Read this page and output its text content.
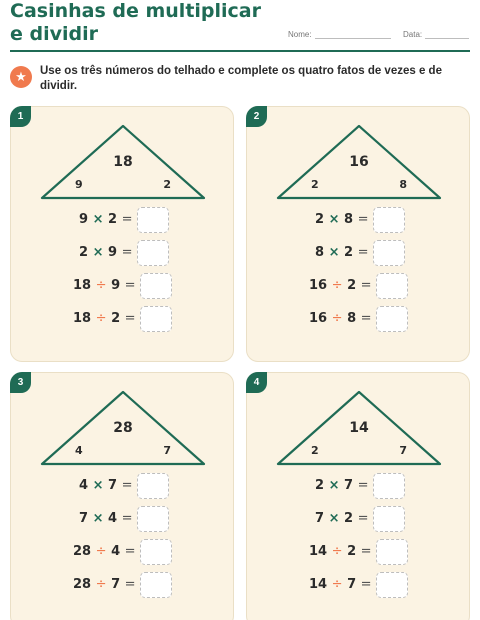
Casinhas de multiplicar e dividir	Nome:	Data:
★	Use os três números do telhado e complete os quatro fatos de vezes e de dividir.
1
18
9	2
9 × 2 =
2 × 9 =
18 ÷ 9 =
18 ÷ 2 =
2
16
2	8
2 × 8 =
8 × 2 =
16 ÷ 2 =
16 ÷ 8 =
3
28
4	7
4 × 7 =
7 × 4 =
28 ÷ 4 =
28 ÷ 7 =
4
14
2	7
2 × 7 =
7 × 2 =
14 ÷ 2 =
14 ÷ 7 =
